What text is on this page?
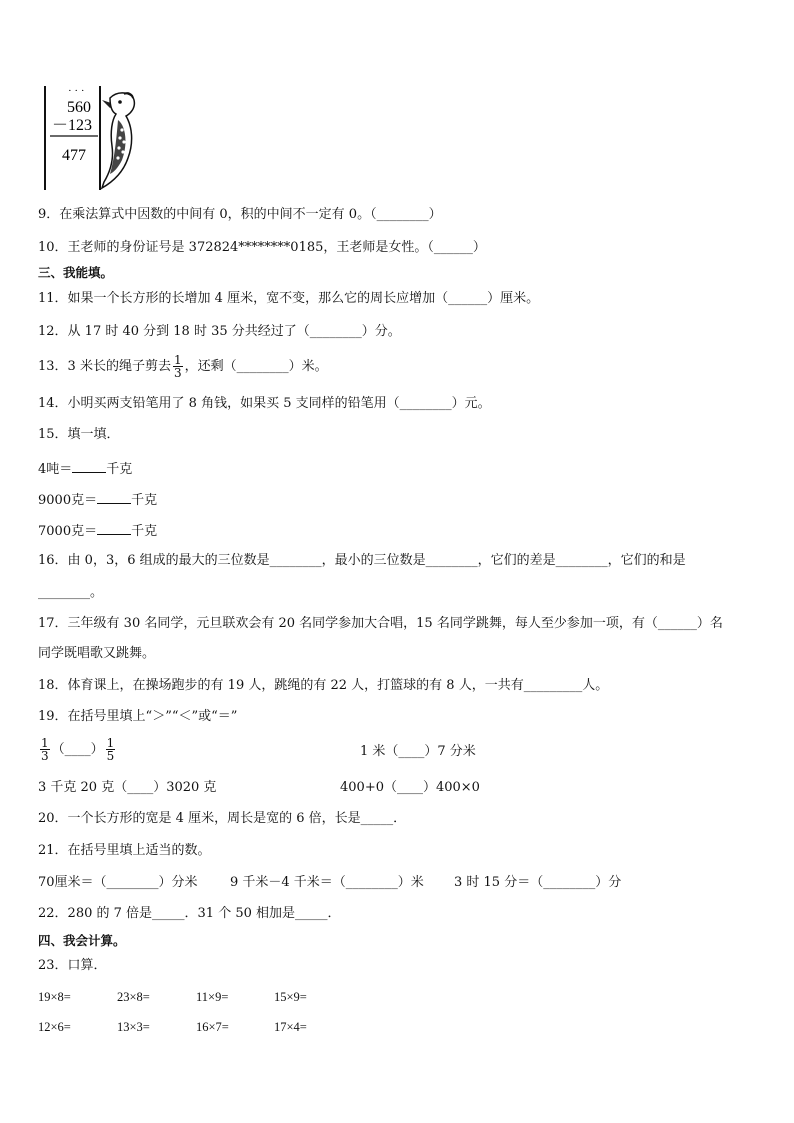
· · ·
560
－123
477
9．在乘法算式中因数的中间有 0，积的中间不一定有 0。（________）
10．王老师的身份证号是 372824********0185，王老师是女性。（______）
三、我能填。
11．如果一个长方形的长增加 4 厘米，宽不变，那么它的周长应增加（______）厘米。
12．从 17 时 40 分到 18 时 35 分共经过了（________）分。
13．3 米长的绳子剪去 $\frac{1}{3}$ ，还剩（________）米。
14．小明买两支铅笔用了 8 角钱，如果买 5 支同样的铅笔用（________）元。
15．填一填．
4吨＝	千克
9000克＝	千克
7000克＝	千克
16．由 0，3，6 组成的最大的三位数是________，最小的三位数是________，它们的差是________，它们的和是
________。
17．三年级有 30 名同学，元旦联欢会有 20 名同学参加大合唱，15 名同学跳舞，每人至少参加一项，有（______）名
同学既唱歌又跳舞。
18．体育课上，在操场跑步的有 19 人，跳绳的有 22 人，打篮球的有 8 人，一共有_________人。
19．在括号里填上“＞”“＜”或“＝”
$\frac{1}{3}$ （____） $\frac{1}{5}$	1 米（____）7 分米
3 千克 20 克（____）3020 克	400+0（____）400×0
20．一个长方形的宽是 4 厘米，周长是宽的 6 倍，长是_____．
21．在括号里填上适当的数。
70厘米＝（________）分米 9 千米－4 千米＝（________）米 3 时 15 分＝（________）分
22．280 的 7 倍是_____．31 个 50 相加是_____．
四、我会计算。
23．口算．
19×8=	23×8=	11×9=	15×9=
12×6=	13×3=	16×7=	17×4=
